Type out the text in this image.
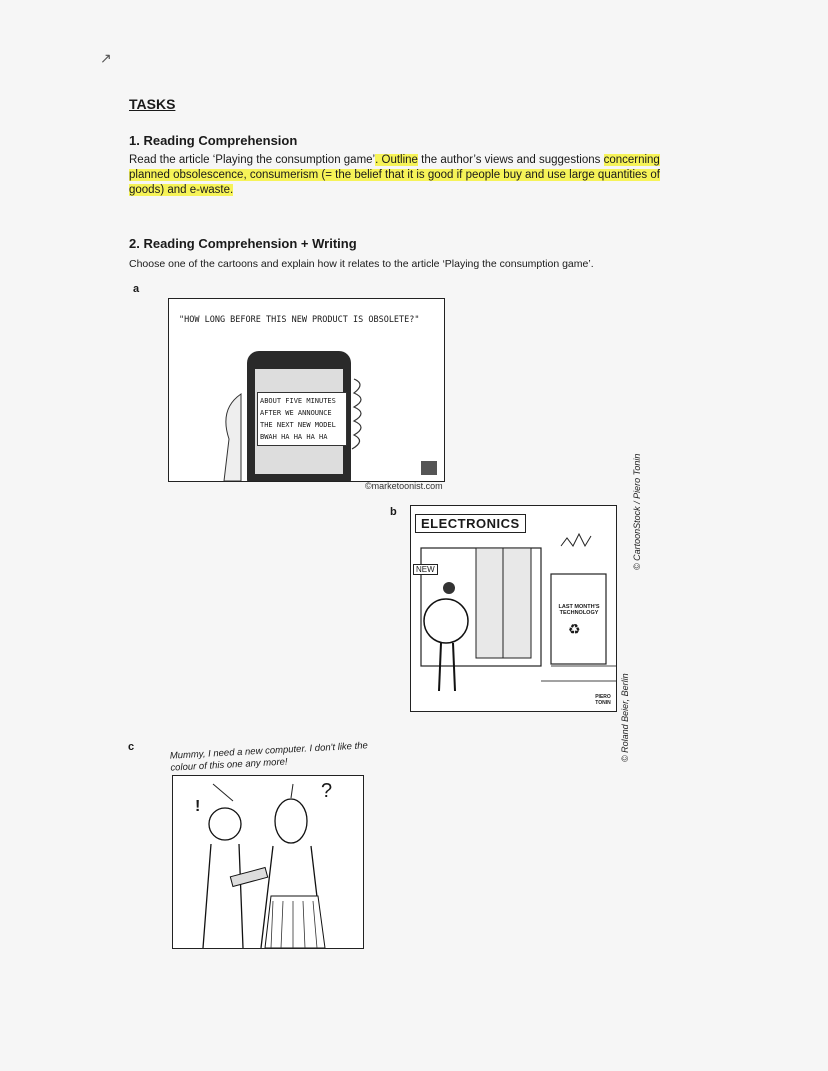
↗
TASKS
1. Reading Comprehension
Read the article ‘Playing the consumption game’. Outline the author’s views and suggestions concerning planned obsolescence, consumerism (= the belief that it is good if people buy and use large quantities of goods) and e-waste.
2. Reading Comprehension + Writing
Choose one of the cartoons and explain how it relates to the article ‘Playing the consumption game’.
a
"HOW LONG BEFORE THIS NEW PRODUCT IS OBSOLETE?"
ABOUT FIVE MINUTES AFTER WE ANNOUNCE THE NEXT NEW MODEL BWAH HA HA HA HA
©marketoonist.com
b
ELECTRONICS
NEW
LAST MONTH'S TECHNOLOGY
♻
PIERO TONIN
© CartoonStock / Piero Tonin
c	Mummy, I need a new computer. I don't like the colour of this one any more!
?
!
© Roland Beier, Berlin
